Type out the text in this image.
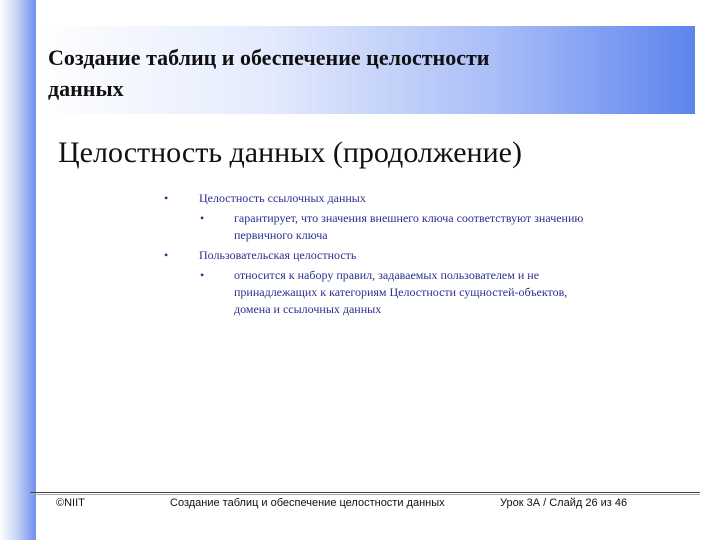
Создание таблиц и обеспечение целостности
данных
Целостность данных (продолжение)
•	Целостность ссылочных данных
• гарантирует, что значения внешнего ключа соответствуют значению
первичного ключа
•	Пользовательская целостность
• относится к набору правил, задаваемых пользователем и не
принадлежащих к категориям Целостности сущностей-объектов,
домена и ссылочных данных
©NIIT	Создание таблиц и обеспечение целостности данных	Урок 3А / Слайд 26 из 46
